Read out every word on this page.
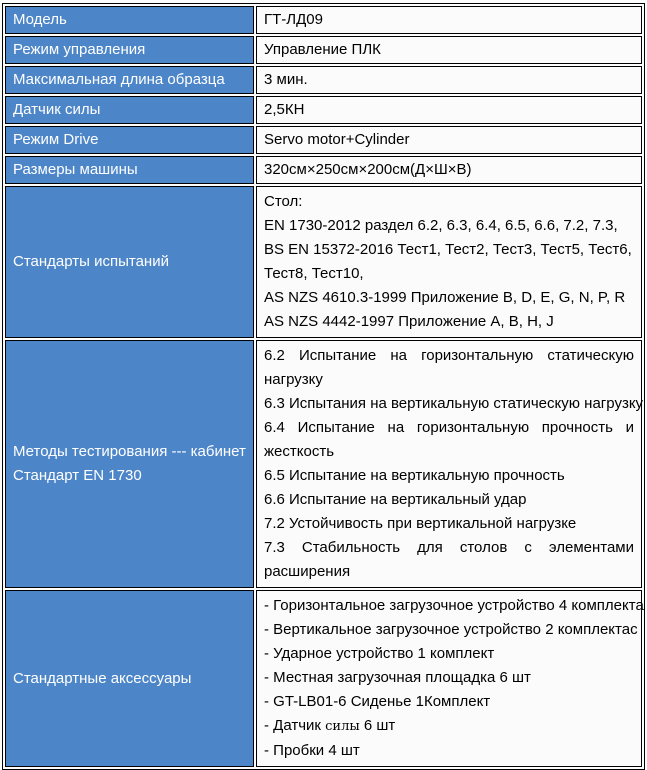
Модель	ГТ-ЛД09

Режим управления	Управление ПЛК

Максимальная длина образца	3 мин.

Датчик силы	2,5КН

Режим Drive	Servo motor+Cylinder

Размеры машины	320см×250см×200см(Д×Ш×В)

Стандарты испытаний	
Стол:
EN 1730-2012 раздел 6.2, 6.3, 6.4, 6.5, 6.6, 7.2, 7.3,
BS EN 15372-2016 Тест1, Тест2, Тест3, Тест5, Тест6,
Тест8, Тест10,
AS NZS 4610.3-1999 Приложение B, D, E, G, N, P, R
AS NZS 4442-1997 Приложение A, B, H, J

Методы тестирования --- кабинет Стандарт EN 1730	
6.2 Испытание на горизонтальную статическую
нагрузку
6.3 Испытания на вертикальную статическую нагрузку
6.4 Испытание на горизонтальную прочность и
жесткость
6.5 Испытание на вертикальную прочность
6.6 Испытание на вертикальный удар
7.2 Устойчивость при вертикальной нагрузке
7.3 Стабильность для столов с элементами
расширения

Стандартные аксессуары	
- Горизонтальное загрузочное устройство 4 комплекта
- Вертикальное загрузочное устройство 2 комплектас
- Ударное устройство 1 комплект
- Местная загрузочная площадка 6 шт
- GT-LB01-6 Сиденье 1Комплект
- Датчик силы 6 шт
- Пробки 4 шт
